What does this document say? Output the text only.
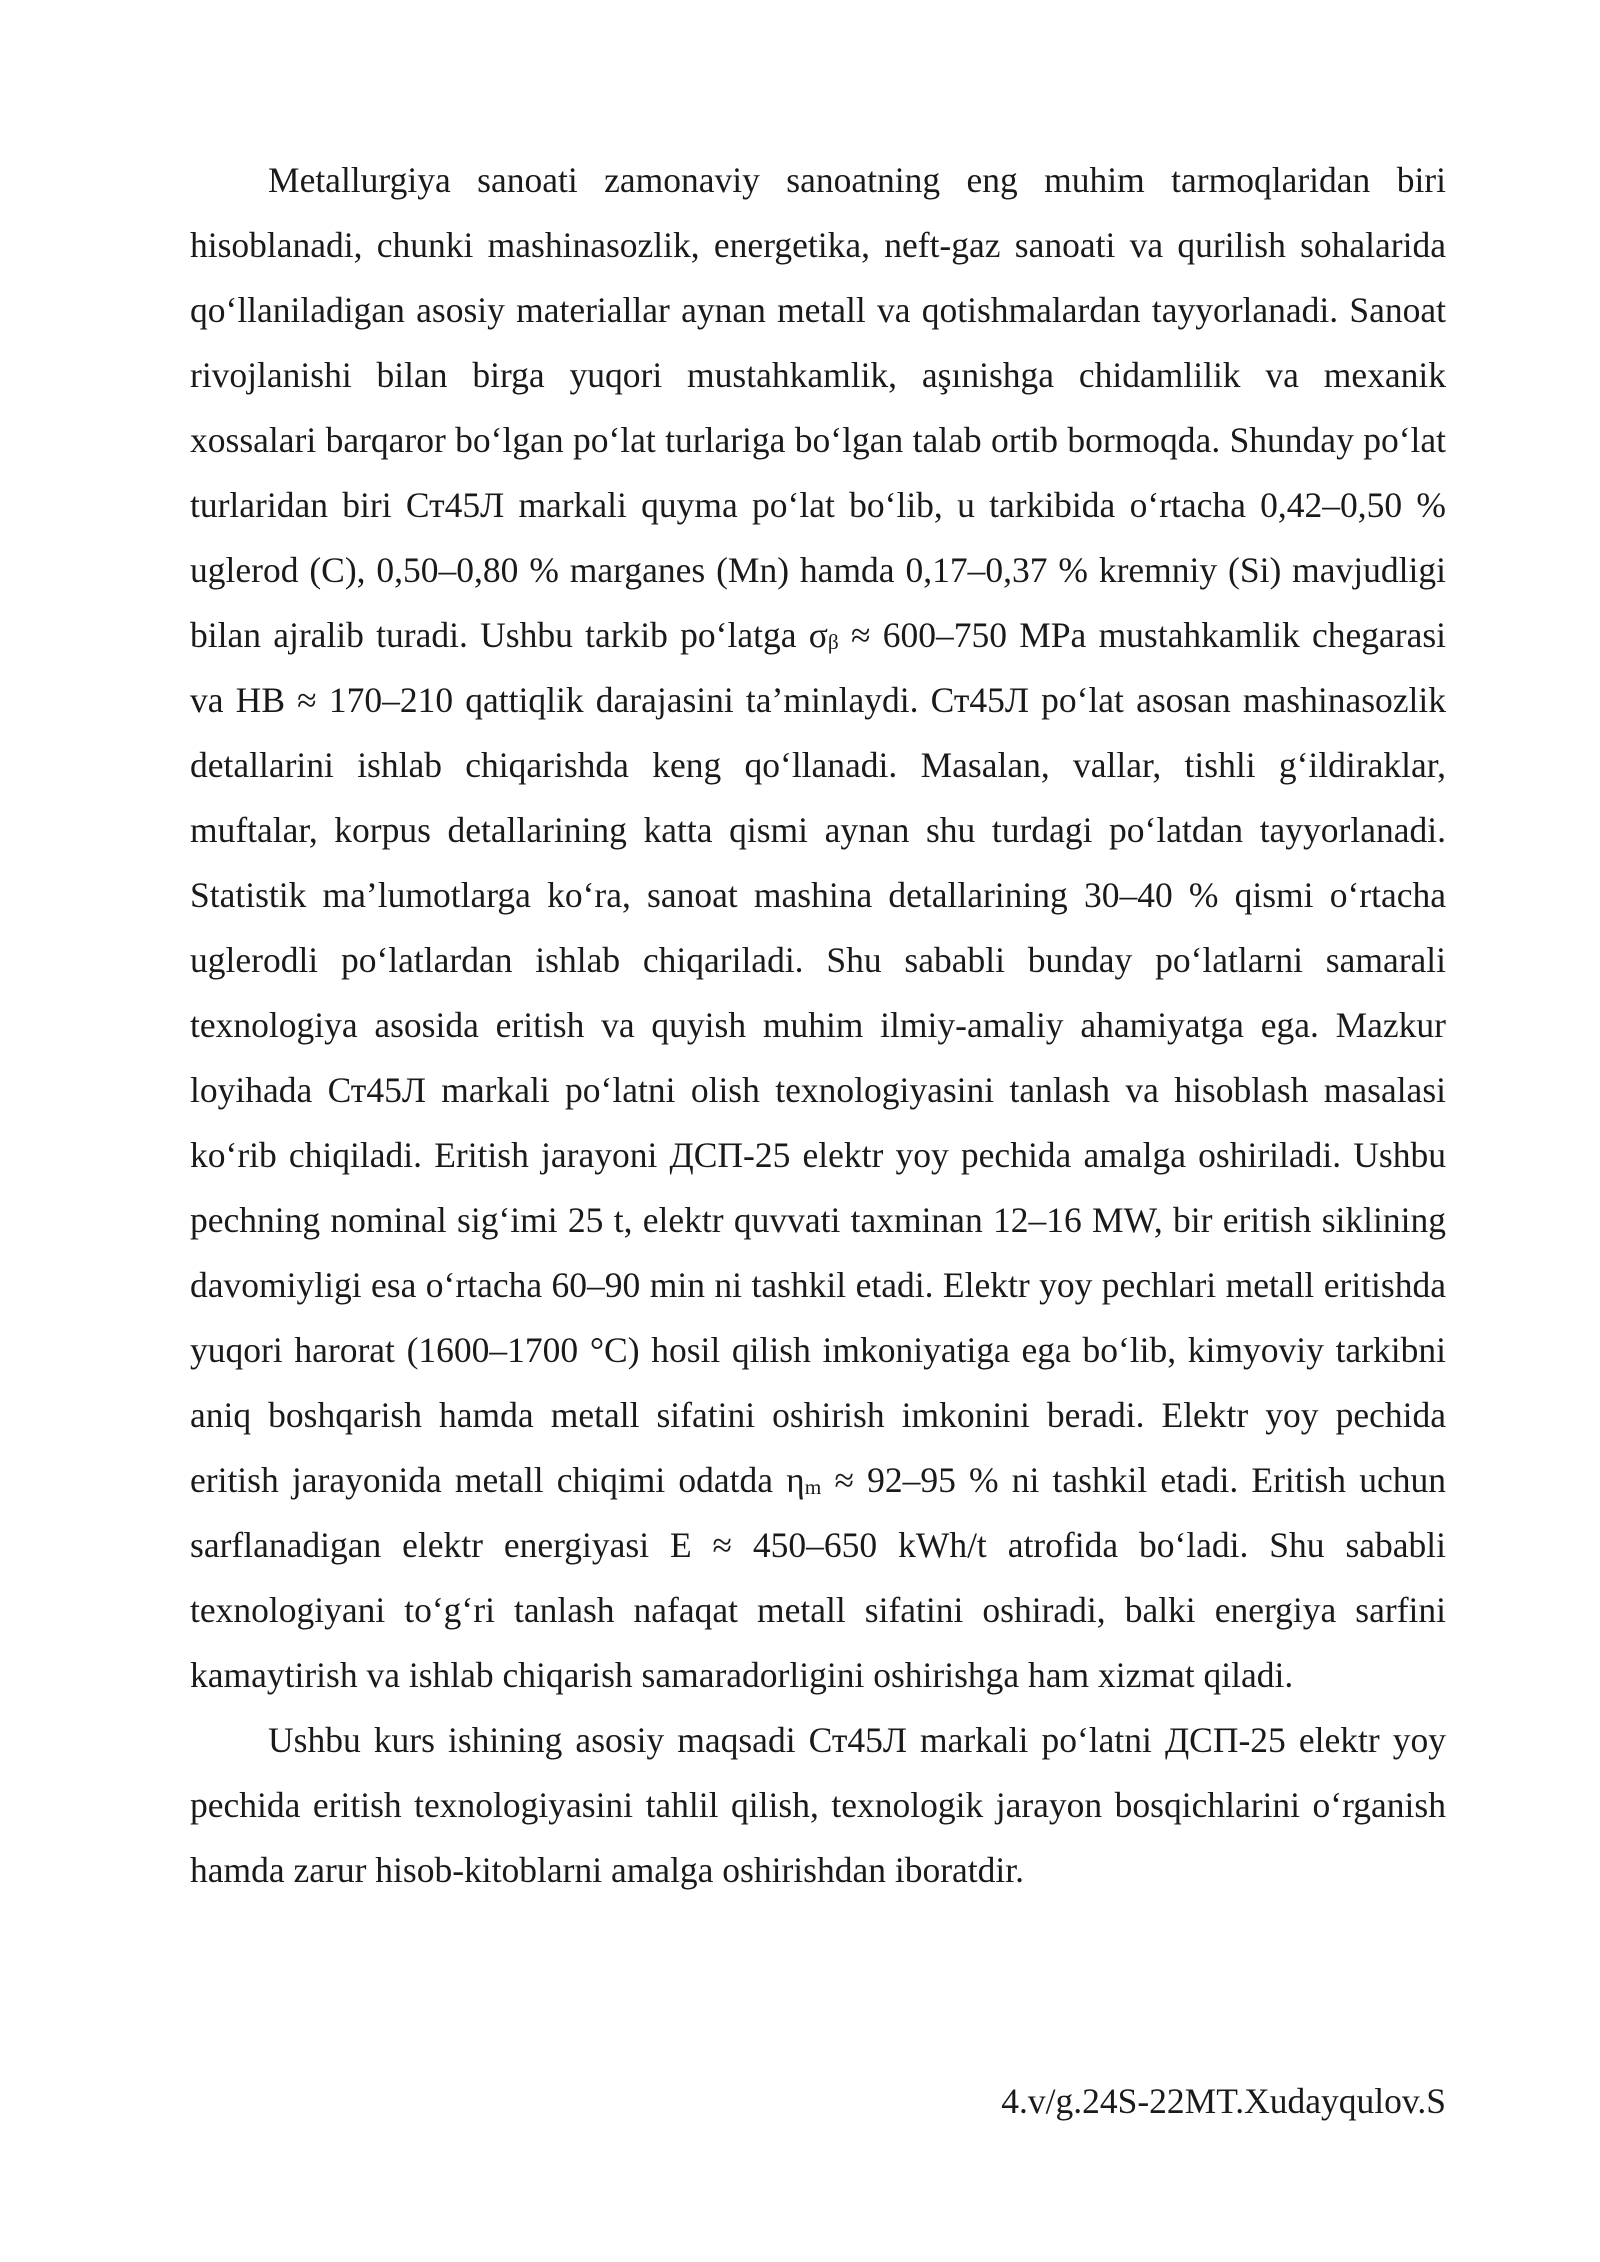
Metallurgiya sanoati zamonaviy sanoatning eng muhim tarmoqlaridan biri hisoblanadi, chunki mashinasozlik, energetika, neft-gaz sanoati va qurilish sohalarida qo‘llaniladigan asosiy materiallar aynan metall va qotishmalardan tayyorlanadi. Sanoat rivojlanishi bilan birga yuqori mustahkamlik, aşınishga chidamlilik va mexanik xossalari barqaror bo‘lgan po‘lat turlariga bo‘lgan talab ortib bormoqda. Shunday po‘lat turlaridan biri Ст45Л markali quyma po‘lat bo‘lib, u tarkibida o‘rtacha 0,42–0,50 % uglerod (C), 0,50–0,80 % marganes (Mn) hamda 0,17–0,37 % kremniy (Si) mavjudligi bilan ajralib turadi. Ushbu tarkib po‘latga $\sigma_\beta \approx 600-750$ MPa mustahkamlik chegarasi va HB ≈ 170–210 qattiqlik darajasini ta’minlaydi. Ст45Л po‘lat asosan mashinasozlik detallarini ishlab chiqarishda keng qo‘llanadi. Masalan, vallar, tishli g‘ildiraklar, muftalar, korpus detallarining katta qismi aynan shu turdagi po‘latdan tayyorlanadi. Statistik ma’lumotlarga ko‘ra, sanoat mashina detallarining 30–40 % qismi o‘rtacha uglerodli po‘latlardan ishlab chiqariladi. Shu sababli bunday po‘latlarni samarali texnologiya asosida eritish va quyish muhim ilmiy-amaliy ahamiyatga ega. Mazkur loyihada Ст45Л markali po‘latni olish texnologiyasini tanlash va hisoblash masalasi ko‘rib chiqiladi. Eritish jarayoni ДСП-25 elektr yoy pechida amalga oshiriladi. Ushbu pechning nominal sig‘imi 25 t, elektr quvvati taxminan 12–16 MW, bir eritish siklining davomiyligi esa o‘rtacha 60–90 min ni tashkil etadi. Elektr yoy pechlari metall eritishda yuqori harorat (1600–1700 °C) hosil qilish imkoniyatiga ega bo‘lib, kimyoviy tarkibni aniq boshqarish hamda metall sifatini oshirish imkonini beradi. Elektr yoy pechida eritish jarayonida metall chiqimi odatda $\eta_m \approx 92-95$ % ni tashkil etadi. Eritish uchun sarflanadigan elektr energiyasi E ≈ 450–650 kWh/t atrofida bo‘ladi. Shu sababli texnologiyani to‘g‘ri tanlash nafaqat metall sifatini oshiradi, balki energiya sarfini kamaytirish va ishlab chiqarish samaradorligini oshirishga ham xizmat qiladi.

Ushbu kurs ishining asosiy maqsadi Ст45Л markali po‘latni ДСП-25 elektr yoy pechida eritish texnologiyasini tahlil qilish, texnologik jarayon bosqichlarini o‘rganish hamda zarur hisob-kitoblarni amalga oshirishdan iboratdir.

4.v/g.24S-22MT.Xudayqulov.S
